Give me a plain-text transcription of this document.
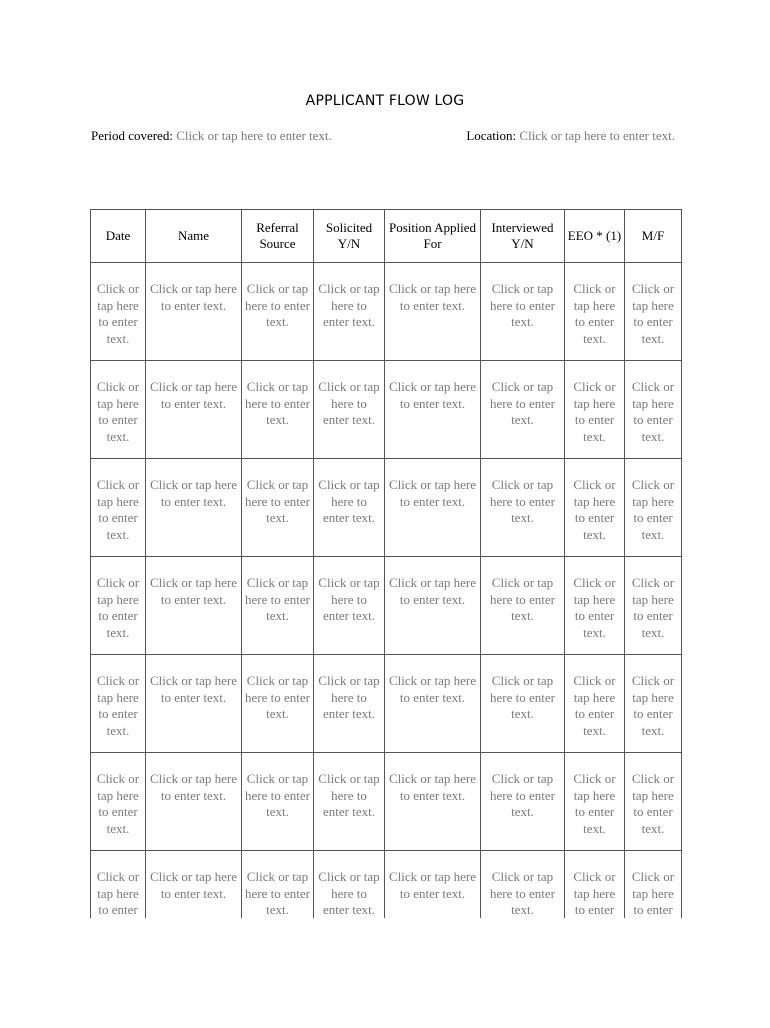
APPLICANT FLOW LOG
Period covered: Click or tap here to enter text.	Location: Click or tap here to enter text.
Date	Name	Referral Source	Solicited Y/N	Position Applied For	Interviewed Y/N	EEO * (1)	M/F
Click or tap here to enter text.	Click or tap here to enter text.	Click or tap here to enter text.	Click or tap here to enter text.	Click or tap here to enter text.	Click or tap here to enter text.	Click or tap here to enter text.	Click or tap here to enter text.
Click or tap here to enter text.	Click or tap here to enter text.	Click or tap here to enter text.	Click or tap here to enter text.	Click or tap here to enter text.	Click or tap here to enter text.	Click or tap here to enter text.	Click or tap here to enter text.
Click or tap here to enter text.	Click or tap here to enter text.	Click or tap here to enter text.	Click or tap here to enter text.	Click or tap here to enter text.	Click or tap here to enter text.	Click or tap here to enter text.	Click or tap here to enter text.
Click or tap here to enter text.	Click or tap here to enter text.	Click or tap here to enter text.	Click or tap here to enter text.	Click or tap here to enter text.	Click or tap here to enter text.	Click or tap here to enter text.	Click or tap here to enter text.
Click or tap here to enter text.	Click or tap here to enter text.	Click or tap here to enter text.	Click or tap here to enter text.	Click or tap here to enter text.	Click or tap here to enter text.	Click or tap here to enter text.	Click or tap here to enter text.
Click or tap here to enter text.	Click or tap here to enter text.	Click or tap here to enter text.	Click or tap here to enter text.	Click or tap here to enter text.	Click or tap here to enter text.	Click or tap here to enter text.	Click or tap here to enter text.
Click or tap here to enter	Click or tap here to enter text.	Click or tap here to enter text.	Click or tap here to enter text.	Click or tap here to enter text.	Click or tap here to enter text.	Click or tap here to enter	Click or tap here to enter
